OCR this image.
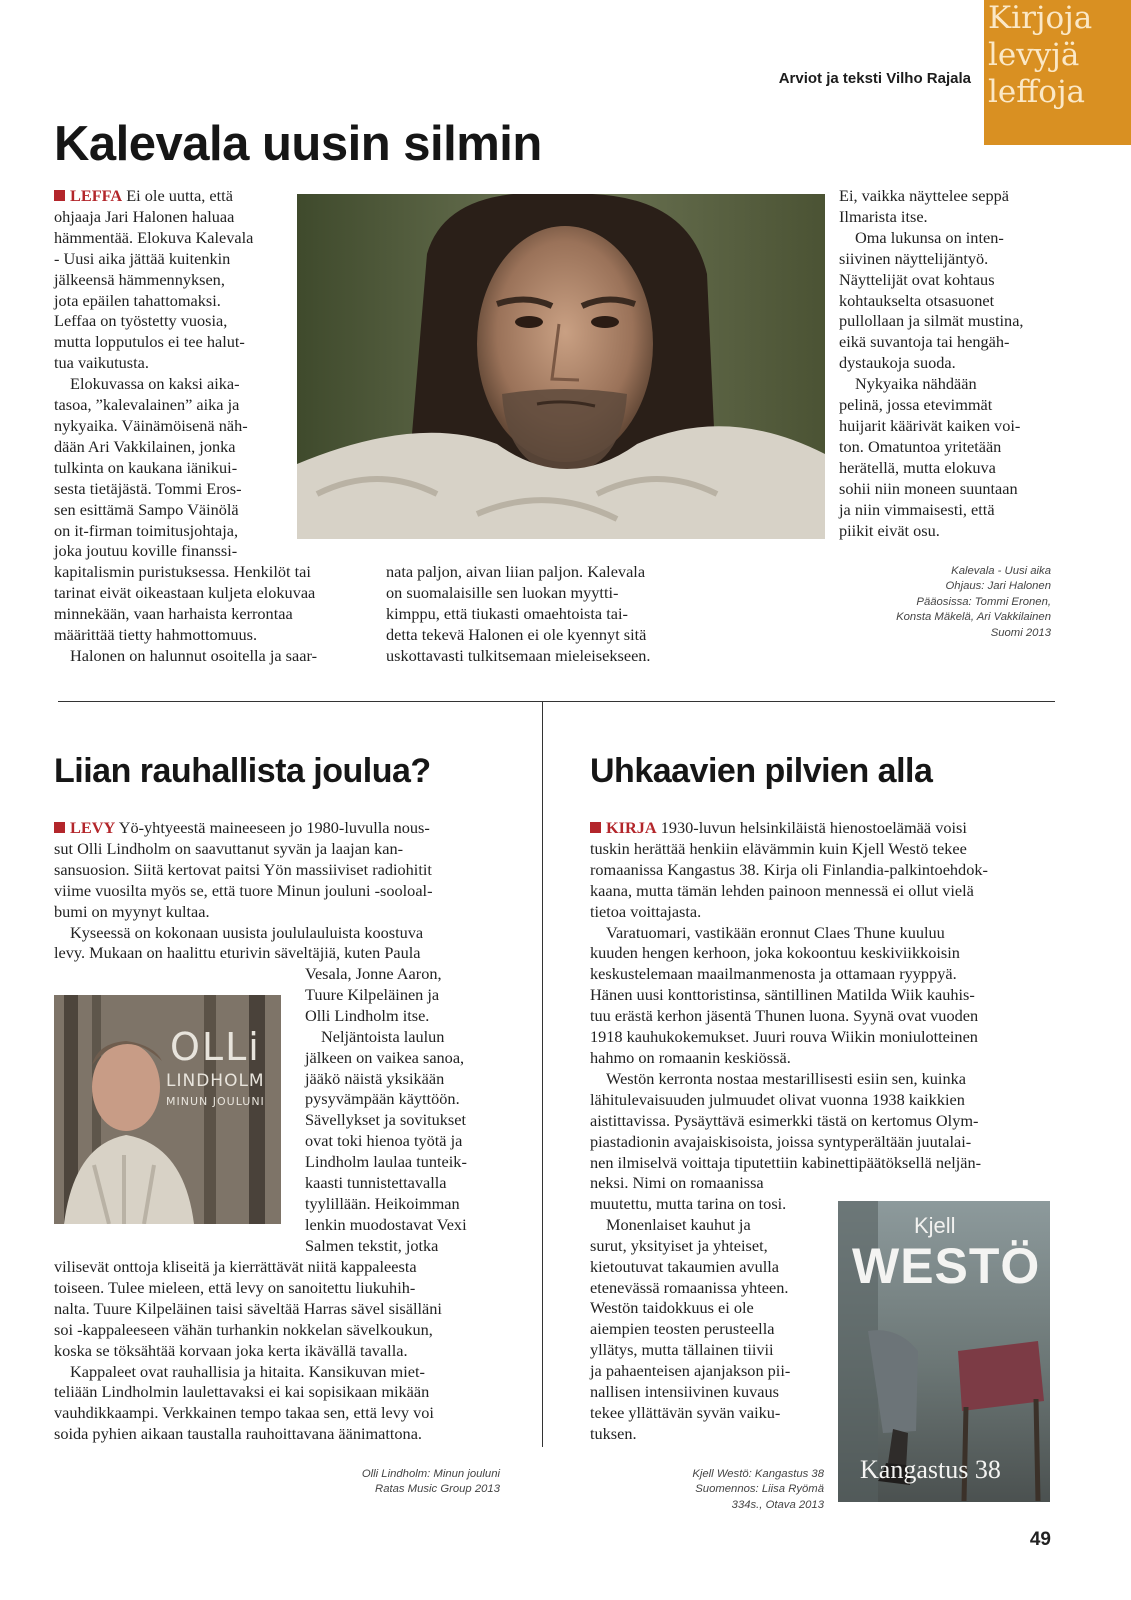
Kirjoja
levyjä
leffoja
Arviot ja teksti Vilho Rajala
Kalevala uusin silmin

LEFFA Ei ole uutta, että

ohjaaja Jari Halonen haluaa

hämmentää. Elokuva Kalevala

- Uusi aika jättää kuitenkin

jälkeensä hämmennyksen,

jota epäilen tahattomaksi.

Leffaa on työstetty vuosia,

mutta lopputulos ei tee halut-

tua vaikutusta.

Elokuvassa on kaksi aika-

tasoa, ”kalevalainen” aika ja

nykyaika. Väinämöisenä näh-

dään Ari Vakkilainen, jonka

tulkinta on kaukana iänikui-

sesta tietäjästä. Tommi Eros-

sen esittämä Sampo Väinölä

on it-firman toimitusjohtaja,

joka joutuu koville finanssi-

kapitalismin puristuksessa. Henkilöt tai

tarinat eivät oikeastaan kuljeta elokuvaa

minnekään, vaan harhaista kerrontaa

määrittää tietty hahmottomuus.

Halonen on halunnut osoitella ja saar-

nata paljon, aivan liian paljon. Kalevala

on suomalaisille sen luokan myytti-

kimppu, että tiukasti omaehtoista tai-

detta tekevä Halonen ei ole kyennyt sitä

uskottavasti tulkitsemaan mieleisekseen.

Ei, vaikka näyttelee seppä

Ilmarista itse.

Oma lukunsa on inten-

siivinen näyttelijäntyö.

Näyttelijät ovat kohtaus

kohtaukselta otsasuonet

pullollaan ja silmät mustina,

eikä suvantoja tai hengäh-

dystaukoja suoda.

Nykyaika nähdään

pelinä, jossa etevimmät

huijarit käärivät kaiken voi-

ton. Omatuntoa yritetään

herätellä, mutta elokuva

sohii niin moneen suuntaan

ja niin vimmaisesti, että

piikit eivät osu.

Kalevala - Uusi aika
Ohjaus: Jari Halonen
Pääosissa: Tommi Eronen,
Konsta Mäkelä, Ari Vakkilainen
Suomi 2013
Liian rauhallista joulua?

LEVY Yö-yhtyeestä maineeseen jo 1980-luvulla nous-

sut Olli Lindholm on saavuttanut syvän ja laajan kan-

sansuosion. Siitä kertovat paitsi Yön massiiviset radiohitit

viime vuosilta myös se, että tuore Minun jouluni -sooloal-

bumi on myynyt kultaa.

Kyseessä on kokonaan uusista joululauluista koostuva

levy. Mukaan on haalittu eturivin säveltäjiä, kuten Paula

OLLi
LINDHOLM
MINUN JOULUNI

Vesala, Jonne Aaron,

Tuure Kilpeläinen ja

Olli Lindholm itse.

Neljäntoista laulun

jälkeen on vaikea sanoa,

jääkö näistä yksikään

pysyvämpään käyttöön.

Sävellykset ja sovitukset

ovat toki hienoa työtä ja

Lindholm laulaa tunteik-

kaasti tunnistettavalla

tyylillään. Heikoimman

lenkin muodostavat Vexi

Salmen tekstit, jotka

vilisevät onttoja kliseitä ja kierrättävät niitä kappaleesta

toiseen. Tulee mieleen, että levy on sanoitettu liukuhih-

nalta. Tuure Kilpeläinen taisi säveltää Harras sävel sisälläni

soi -kappaleeseen vähän turhankin nokkelan sävelkoukun,

koska se töksähtää korvaan joka kerta ikävällä tavalla.

Kappaleet ovat rauhallisia ja hitaita. Kansikuvan miet-

teliään Lindholmin laulettavaksi ei kai sopisikaan mikään

vauhdikkaampi. Verkkainen tempo takaa sen, että levy voi

soida pyhien aikaan taustalla rauhoittavana äänimattona.

Olli Lindholm: Minun jouluni
Ratas Music Group 2013
Uhkaavien pilvien alla

KIRJA 1930-luvun helsinkiläistä hienostoelämää voisi

tuskin herättää henkiin elävämmin kuin Kjell Westö tekee

romaanissa Kangastus 38. Kirja oli Finlandia-palkintoehdok-

kaana, mutta tämän lehden painoon mennessä ei ollut vielä

tietoa voittajasta.

Varatuomari, vastikään eronnut Claes Thune kuuluu

kuuden hengen kerhoon, joka kokoontuu keskiviikkoisin

keskustelemaan maailmanmenosta ja ottamaan ryyppyä.

Hänen uusi konttoristinsa, säntillinen Matilda Wiik kauhis-

tuu erästä kerhon jäsentä Thunen luona. Syynä ovat vuoden

1918 kauhukokemukset. Juuri rouva Wiikin moniulotteinen

hahmo on romaanin keskiössä.

Westön kerronta nostaa mestarillisesti esiin sen, kuinka

lähitulevaisuuden julmuudet olivat vuonna 1938 kaikkien

aistittavissa. Pysäyttävä esimerkki tästä on kertomus Olym-

piastadionin avajaiskisoista, joissa syntyperältään juutalai-

nen ilmiselvä voittaja tiputettiin kabinettipäätöksellä neljän-

neksi. Nimi on romaanissa

muutettu, mutta tarina on tosi.

Monenlaiset kauhut ja

surut, yksityiset ja yhteiset,

kietoutuvat takaumien avulla

etenevässä romaanissa yhteen.

Westön taidokkuus ei ole

aiempien teosten perusteella

yllätys, mutta tällainen tiivii

ja pahaenteisen ajanjakson pii-

nallisen intensiivinen kuvaus

tekee yllättävän syvän vaiku-

tuksen.

Kjell
WESTÖ
Kangastus 38
Kjell Westö: Kangastus 38
Suomennos: Liisa Ryömä
334s., Otava 2013
49
